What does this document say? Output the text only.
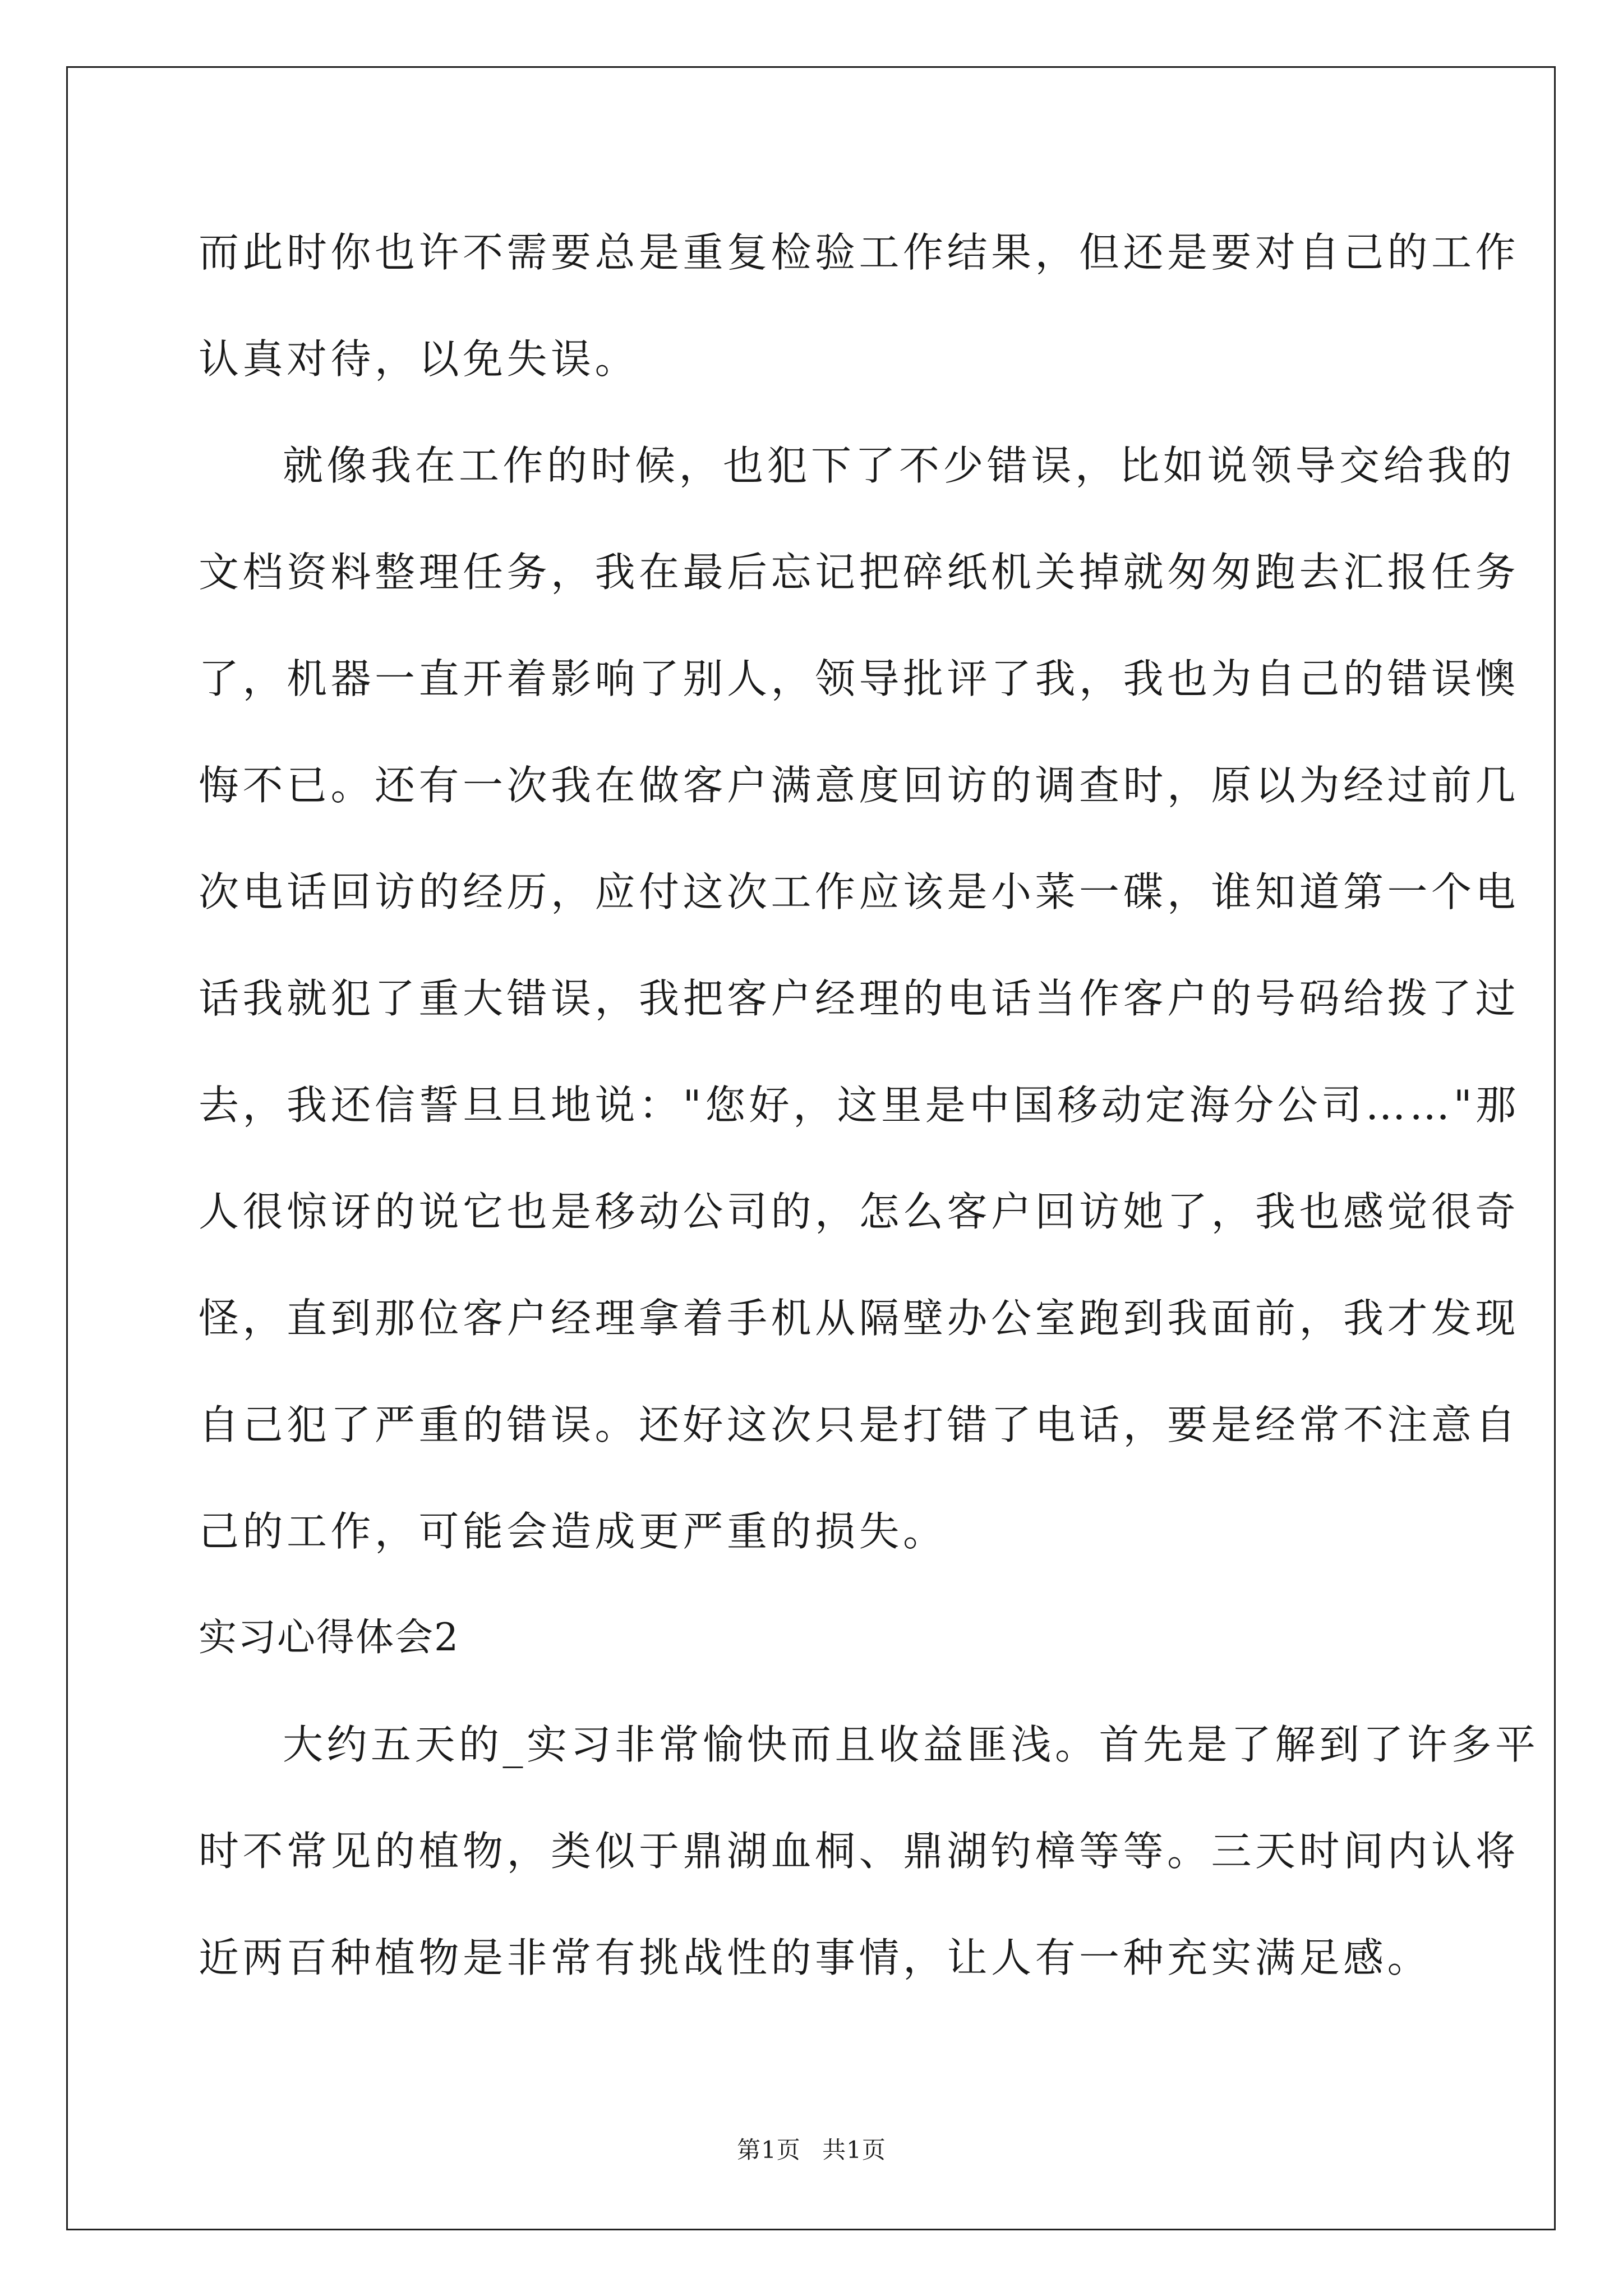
而此时你也许不需要总是重复检验工作结果，但还是要对自己的工作
认真对待，以免失误。
就像我在工作的时候，也犯下了不少错误，比如说领导交给我的
文档资料整理任务，我在最后忘记把碎纸机关掉就匆匆跑去汇报任务
了，机器一直开着影响了别人，领导批评了我，我也为自己的错误懊
悔不已。还有一次我在做客户满意度回访的调查时，原以为经过前几
次电话回访的经历，应付这次工作应该是小菜一碟，谁知道第一个电
话我就犯了重大错误，我把客户经理的电话当作客户的号码给拨了过
去，我还信誓旦旦地说："您好，这里是中国移动定海分公司……"那
人很惊讶的说它也是移动公司的，怎么客户回访她了，我也感觉很奇
怪，直到那位客户经理拿着手机从隔壁办公室跑到我面前，我才发现
自己犯了严重的错误。还好这次只是打错了电话，要是经常不注意自
己的工作，可能会造成更严重的损失。
实习心得体会2
大约五天的_实习非常愉快而且收益匪浅。首先是了解到了许多平
时不常见的植物，类似于鼎湖血桐、鼎湖钓樟等等。三天时间内认将
近两百种植物是非常有挑战性的事情，让人有一种充实满足感。
第1页 共1页
